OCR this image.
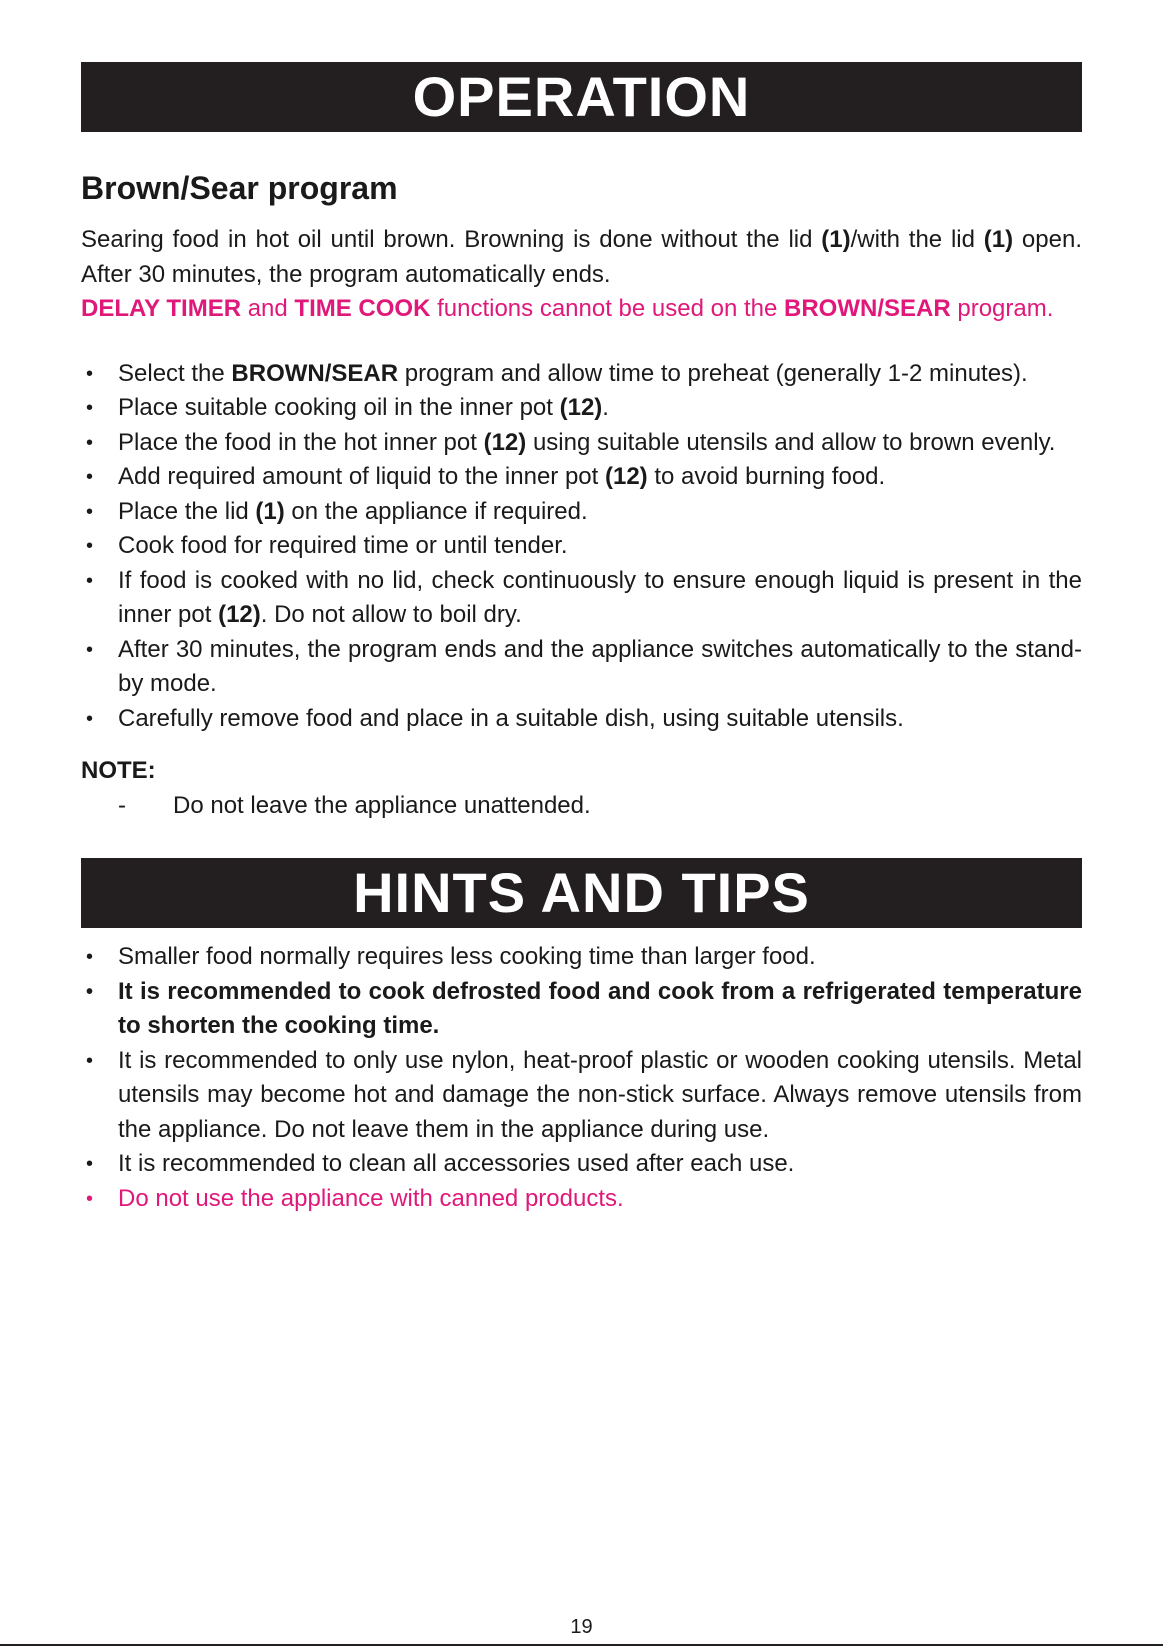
OPERATION
Brown/Sear program
Searing food in hot oil until brown. Browning is done without the lid (1)/with the lid (1) open. After 30 minutes, the program automatically ends.
DELAY TIMER and TIME COOK functions cannot be used on the BROWN/SEAR program.
• Select the BROWN/SEAR program and allow time to preheat (generally 1-2 minutes).
• Place suitable cooking oil in the inner pot (12).
• Place the food in the hot inner pot (12) using suitable utensils and allow to brown evenly.
• Add required amount of liquid to the inner pot (12) to avoid burning food.
• Place the lid (1) on the appliance if required.
• Cook food for required time or until tender.
• If food is cooked with no lid, check continuously to ensure enough liquid is present in the inner pot (12). Do not allow to boil dry.
• After 30 minutes, the program ends and the appliance switches automatically to the stand-by mode.
• Carefully remove food and place in a suitable dish, using suitable utensils.
NOTE:
-	Do not leave the appliance unattended.
HINTS AND TIPS
• Smaller food normally requires less cooking time than larger food.
• It is recommended to cook defrosted food and cook from a refrigerated temperature to shorten the cooking time.
• It is recommended to only use nylon, heat-proof plastic or wooden cooking utensils. Metal utensils may become hot and damage the non-stick surface. Always remove utensils from the appliance. Do not leave them in the appliance during use.
• It is recommended to clean all accessories used after each use.
• Do not use the appliance with canned products.
19
